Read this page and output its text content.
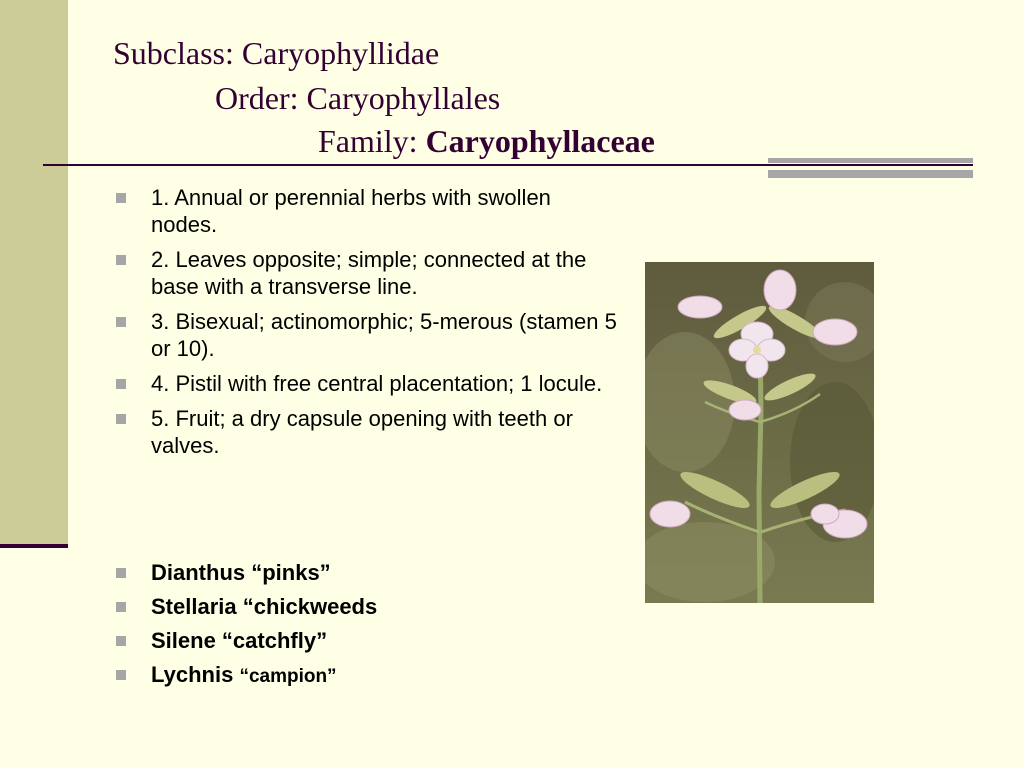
Subclass: Caryophyllidae
Order: Caryophyllales
Family: Caryophyllaceae
1. Annual or perennial herbs with swollen nodes.
2. Leaves opposite; simple; connected at the base with a transverse line.
3. Bisexual; actinomorphic; 5-merous (stamen 5 or 10).
4. Pistil with free central placentation; 1 locule.
5. Fruit; a dry capsule opening with teeth or valves.
Dianthus “pinks”
Stellaria “chickweeds
Silene “catchfly”
Lychnis “campion”
